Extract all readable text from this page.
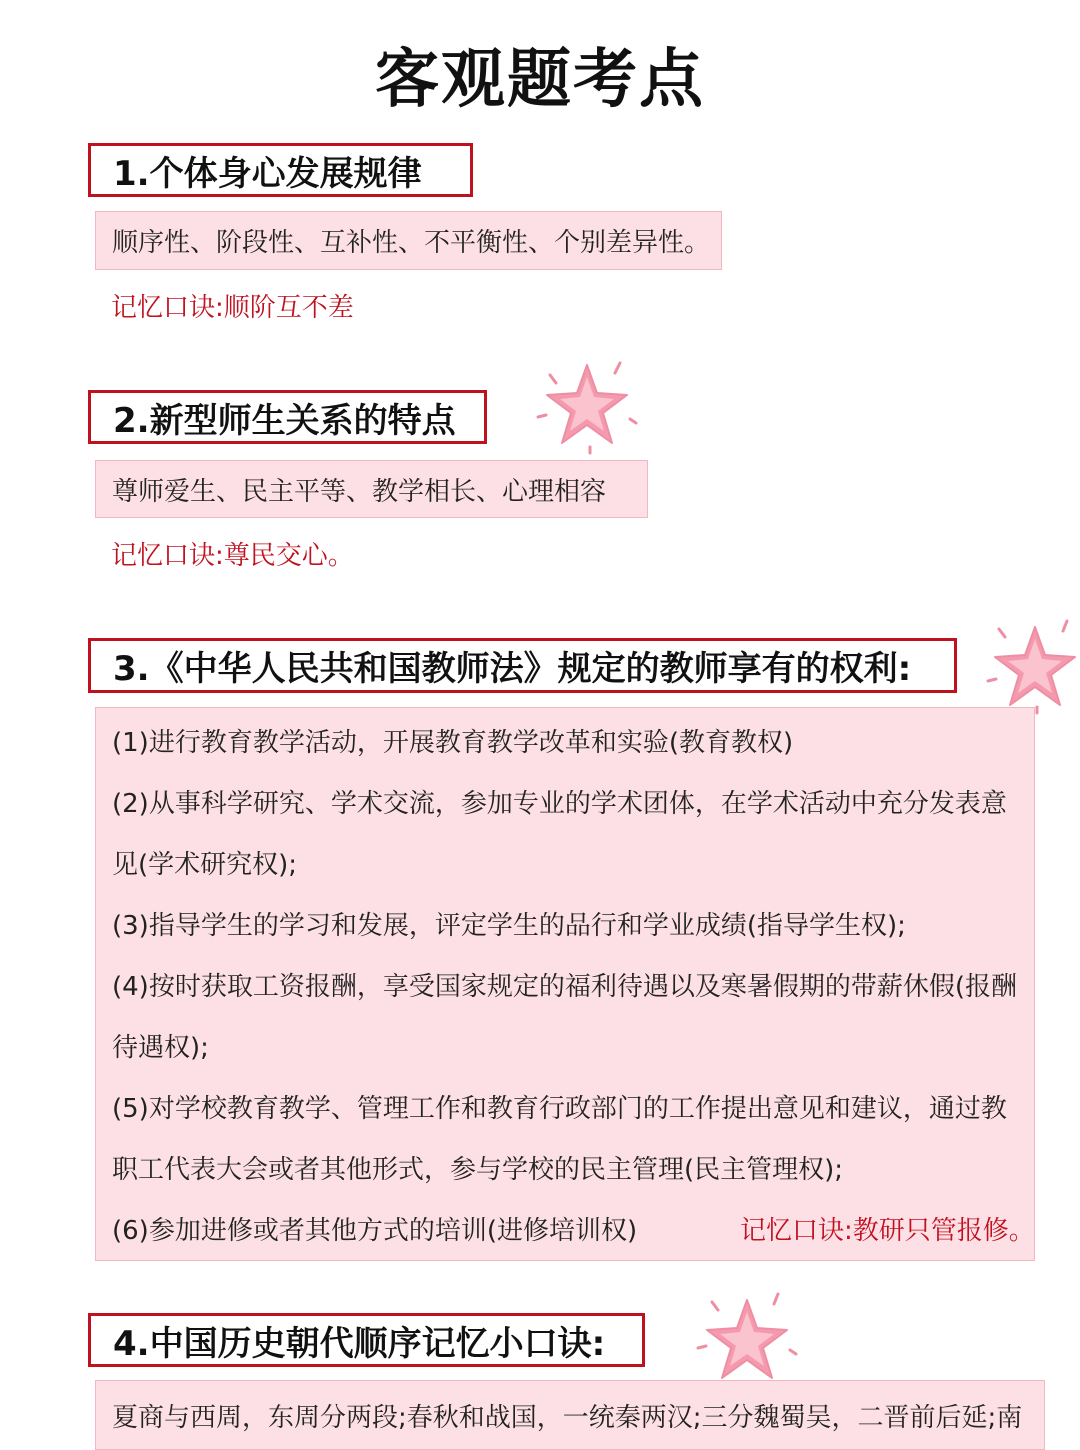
客观题考点
1.个体身心发展规律
顺序性、阶段性、互补性、不平衡性、个别差异性。
记忆口诀:顺阶互不差
2.新型师生关系的特点
尊师爱生、民主平等、教学相长、心理相容
记忆口诀:尊民交心。
3.《中华人民共和国教师法》规定的教师享有的权利:
(1)进行教育教学活动，开展教育教学改革和实验(教育教权)
(2)从事科学研究、学术交流，参加专业的学术团体，在学术活动中充分发表意
见(学术研究权);
(3)指导学生的学习和发展，评定学生的品行和学业成绩(指导学生权);
(4)按时获取工资报酬，享受国家规定的福利待遇以及寒暑假期的带薪休假(报酬
待遇权);
(5)对学校教育教学、管理工作和教育行政部门的工作提出意见和建议，通过教
职工代表大会或者其他形式，参与学校的民主管理(民主管理权);
(6)参加进修或者其他方式的培训(进修培训权)	记忆口诀:教研只管报修。
4.中国历史朝代顺序记忆小口诀:
夏商与西周，东周分两段;春秋和战国，一统秦两汉;三分魏蜀吴，二晋前后延;南
